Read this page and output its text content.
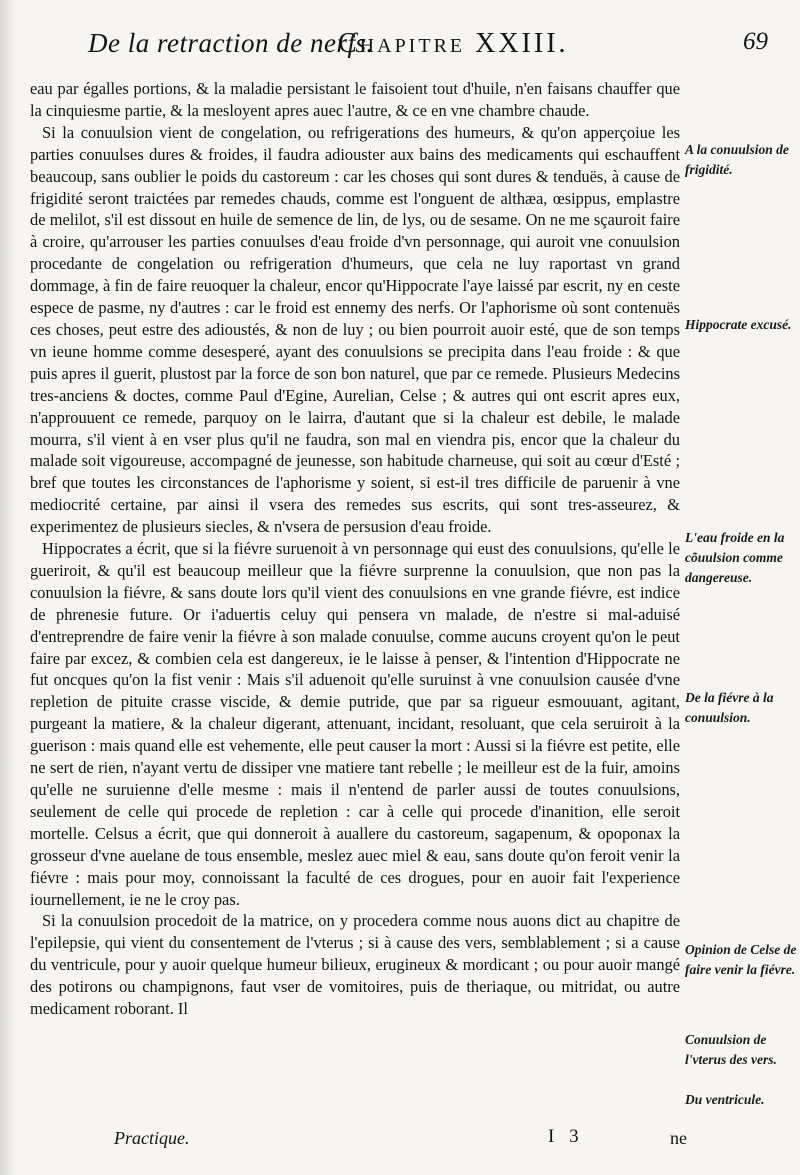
De la retraction de nerfs.
Chapitre XXIII.	69

eau par égalles portions, & la maladie persistant le faisoient tout d'huile, n'en faisans chauffer que la cinquiesme partie, & la mesloyent apres auec l'autre, & ce en vne chambre chaude.

Si la conuulsion vient de congelation, ou refrigerations des humeurs, & qu'on apperçoiue les parties conuulses dures & froides, il faudra adiouster aux bains des medicaments qui eschauffent beaucoup, sans oublier le poids du castoreum : car les choses qui sont dures & tenduës, à cause de frigidité seront traictées par remedes chauds, comme est l'onguent de althæa, œsippus, emplastre de melilot, s'il est dissout en huile de semence de lin, de lys, ou de sesame. On ne me sçauroit faire à croire, qu'arrouser les parties conuulses d'eau froide d'vn personnage, qui auroit vne conuulsion procedante de congelation ou refrigeration d'humeurs, que cela ne luy raportast vn grand dommage, à fin de faire reuoquer la chaleur, encor qu'Hippocrate l'aye laissé par escrit, ny en ceste espece de pasme, ny d'autres : car le froid est ennemy des nerfs. Or l'aphorisme où sont contenuës ces choses, peut estre des adioustés, & non de luy ; ou bien pourroit auoir esté, que de son temps vn ieune homme comme desesperé, ayant des conuulsions se precipita dans l'eau froide : & que puis apres il guerit, plustost par la force de son bon naturel, que par ce remede. Plusieurs Medecins tres-anciens & doctes, comme Paul d'Egine, Aurelian, Celse ; & autres qui ont escrit apres eux, n'approuuent ce remede, parquoy on le lairra, d'autant que si la chaleur est debile, le malade mourra, s'il vient à en vser plus qu'il ne faudra, son mal en viendra pis, encor que la chaleur du malade soit vigoureuse, accompagné de jeunesse, son habitude charneuse, qui soit au cœur d'Esté ; bref que toutes les circonstances de l'aphorisme y soient, si est-il tres difficile de paruenir à vne mediocrité certaine, par ainsi il vsera des remedes sus escrits, qui sont tres-asseurez, & experimentez de plusieurs siecles, & n'vsera de persusion d'eau froide.

Hippocrates a écrit, que si la fiévre suruenoit à vn personnage qui eust des conuulsions, qu'elle le gueriroit, & qu'il est beaucoup meilleur que la fiévre surprenne la conuulsion, que non pas la conuulsion la fiévre, & sans doute lors qu'il vient des conuulsions en vne grande fiévre, est indice de phrenesie future. Or i'aduertis celuy qui pensera vn malade, de n'estre si mal-aduisé d'entreprendre de faire venir la fiévre à son malade conuulse, comme aucuns croyent qu'on le peut faire par excez, & combien cela est dangereux, ie le laisse à penser, & l'intention d'Hippocrate ne fut oncques qu'on la fist venir : Mais s'il aduenoit qu'elle suruinst à vne conuulsion causée d'vne repletion de pituite crasse viscide, & demie putride, que par sa rigueur esmouuant, agitant, purgeant la matiere, & la chaleur digerant, attenuant, incidant, resoluant, que cela seruiroit à la guerison : mais quand elle est vehemente, elle peut causer la mort : Aussi si la fiévre est petite, elle ne sert de rien, n'ayant vertu de dissiper vne matiere tant rebelle ; le meilleur est de la fuir, amoins qu'elle ne suruienne d'elle mesme : mais il n'entend de parler aussi de toutes conuulsions, seulement de celle qui procede de repletion : car à celle qui procede d'inanition, elle seroit mortelle. Celsus a écrit, que qui donneroit à auallere du castoreum, sagapenum, & opoponax la grosseur d'vne auelane de tous ensemble, meslez auec miel & eau, sans doute qu'on feroit venir la fiévre : mais pour moy, connoissant la faculté de ces drogues, pour en auoir fait l'experience iournellement, ie ne le croy pas.

Si la conuulsion procedoit de la matrice, on y procedera comme nous auons dict au chapitre de l'epilepsie, qui vient du consentement de l'vterus ; si à cause des vers, semblablement ; si a cause du ventricule, pour y auoir quelque humeur bilieux, erugineux & mordicant ; ou pour auoir mangé des potirons ou champignons, faut vser de vomitoires, puis de theriaque, ou mitridat, ou autre medicament roborant. Il

A la conuulsion de frigidité.
Hippocrate excusé.
L'eau froide en la cõuulsion comme dangereuse.
De la fiévre à la conuulsion.
Opinion de Celse de faire venir la fiévre.
Conuulsion de l'vterus des vers.
Du ventricule.
Practique.	I 3	ne
